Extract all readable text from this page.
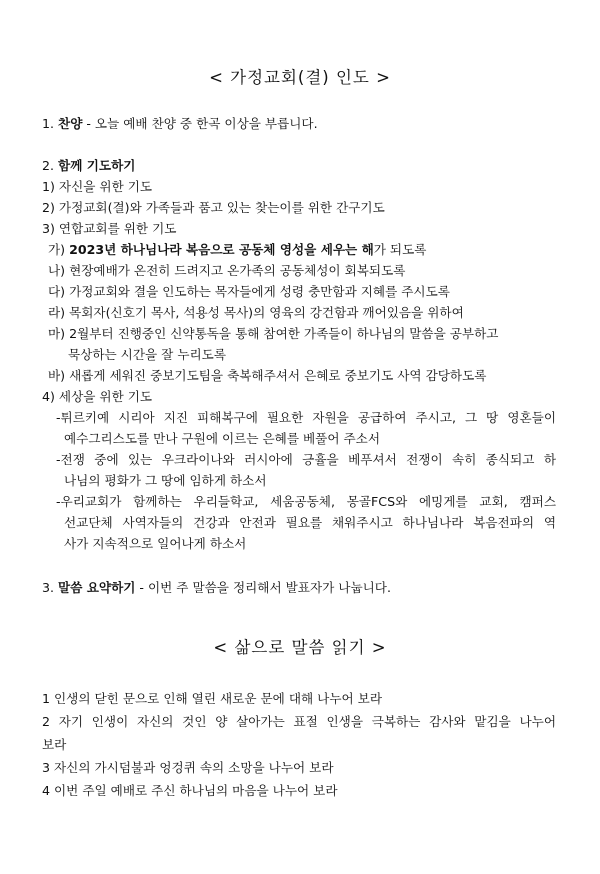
< 가정교회(결) 인도 >
1. 찬양 - 오늘 예배 찬양 중 한곡 이상을 부릅니다.
2. 함께 기도하기
1) 자신을 위한 기도
2) 가정교회(결)와 가족들과 품고 있는 찾는이를 위한 간구기도
3) 연합교회를 위한 기도
가) 2023년 하나님나라 복음으로 공동체 영성을 세우는 해가 되도록
나) 현장예배가 온전히 드려지고 온가족의 공동체성이 회복되도록
다) 가정교회와 결을 인도하는 목자들에게 성령 충만함과 지혜를 주시도록
라) 목회자(신호기 목사, 석용성 목사)의 영육의 강건함과 깨어있음을 위하여
마) 2월부터 진행중인 신약통독을 통해 참여한 가족들이 하나님의 말씀을 공부하고
묵상하는 시간을 잘 누리도록
바) 새롭게 세워진 중보기도팀을 축복해주셔서 은혜로 중보기도 사역 감당하도록
4) 세상을 위한 기도
-튀르키예 시리아 지진 피해복구에 필요한 자원을 공급하여 주시고, 그 땅 영혼들이
예수그리스도를 만나 구원에 이르는 은혜를 베풀어 주소서
-전쟁 중에 있는 우크라이나와 러시아에 긍휼을 베푸셔서 전쟁이 속히 종식되고 하
나님의 평화가 그 땅에 임하게 하소서
-우리교회가 함께하는 우리들학교, 세움공동체, 몽골FCS와 에밍게를 교회, 캠퍼스
선교단체 사역자들의 건강과 안전과 필요를 채워주시고 하나님나라 복음전파의 역
사가 지속적으로 일어나게 하소서
3. 말씀 요약하기 - 이번 주 말씀을 정리해서 발표자가 나눕니다.
< 삶으로 말씀 읽기 >
1 인생의 닫힌 문으로 인해 열린 새로운 문에 대해 나누어 보라
2 자기 인생이 자신의 것인 양 살아가는 표절 인생을 극복하는 감사와 맡김을 나누어
보라
3 자신의 가시덤불과 엉겅퀴 속의 소망을 나누어 보라
4 이번 주일 예배로 주신 하나님의 마음을 나누어 보라
